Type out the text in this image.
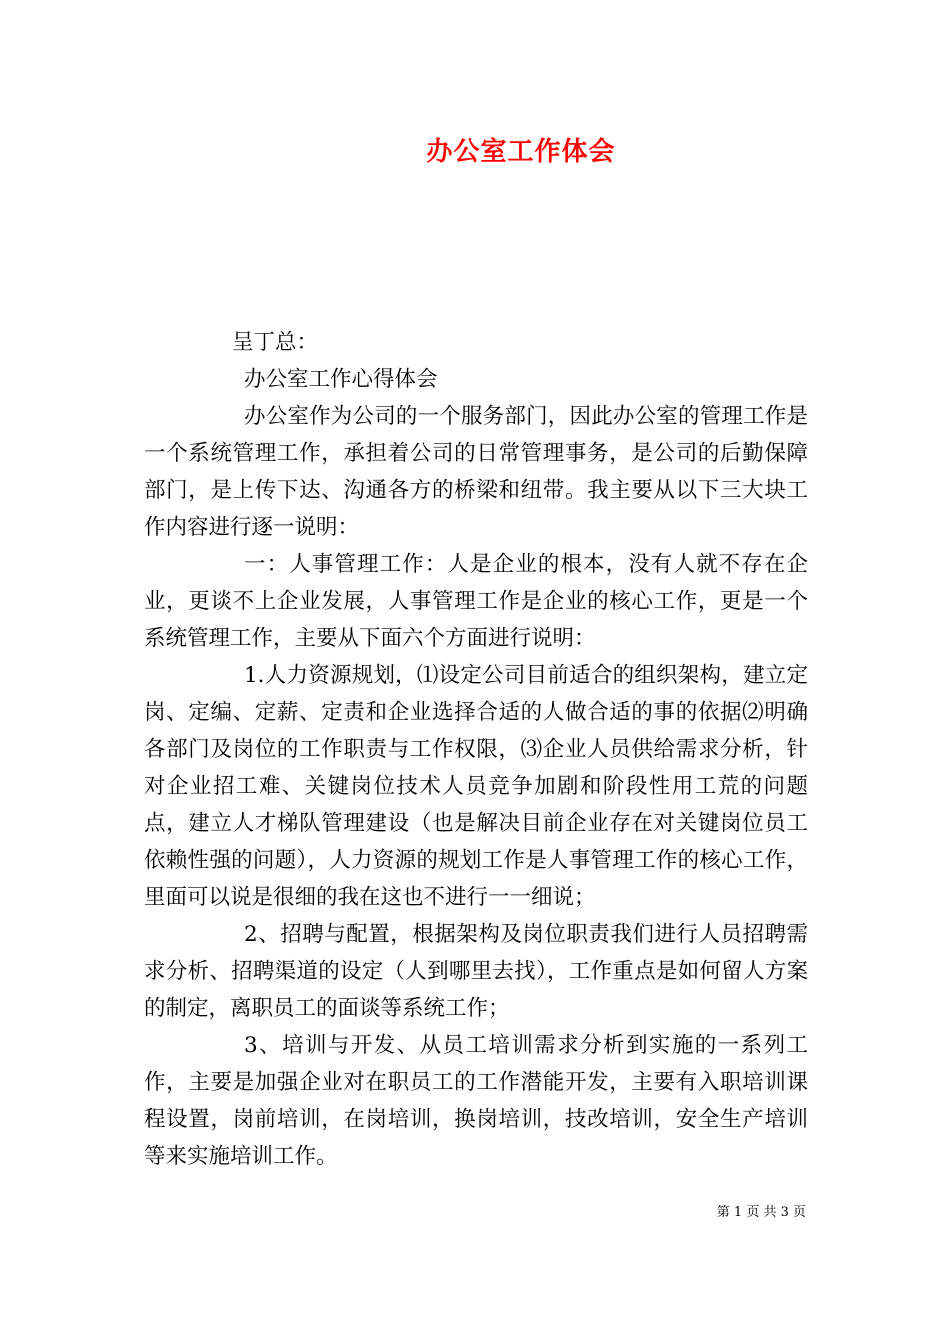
办公室工作体会

呈丁总：

办公室工作心得体会

办公室作为公司的一个服务部门，因此办公室的管理工作是一个系统管理工作，承担着公司的日常管理事务，是公司的后勤保障部门，是上传下达、沟通各方的桥梁和纽带。我主要从以下三大块工作内容进行逐一说明：

一：人事管理工作：人是企业的根本，没有人就不存在企业，更谈不上企业发展，人事管理工作是企业的核心工作，更是一个系统管理工作，主要从下面六个方面进行说明：

1.人力资源规划，⑴设定公司目前适合的组织架构，建立定岗、定编、定薪、定责和企业选择合适的人做合适的事的依据⑵明确各部门及岗位的工作职责与工作权限，⑶企业人员供给需求分析，针对企业招工难、关键岗位技术人员竞争加剧和阶段性用工荒的问题点，建立人才梯队管理建设（也是解决目前企业存在对关键岗位员工依赖性强的问题），人力资源的规划工作是人事管理工作的核心工作，里面可以说是很细的我在这也不进行一一细说；

2、招聘与配置，根据架构及岗位职责我们进行人员招聘需求分析、招聘渠道的设定（人到哪里去找），工作重点是如何留人方案的制定，离职员工的面谈等系统工作；

3、培训与开发、从员工培训需求分析到实施的一系列工作，主要是加强企业对在职员工的工作潜能开发，主要有入职培训课程设置，岗前培训，在岗培训，换岗培训，技改培训，安全生产培训等来实施培训工作。

第 1 页 共 3 页
